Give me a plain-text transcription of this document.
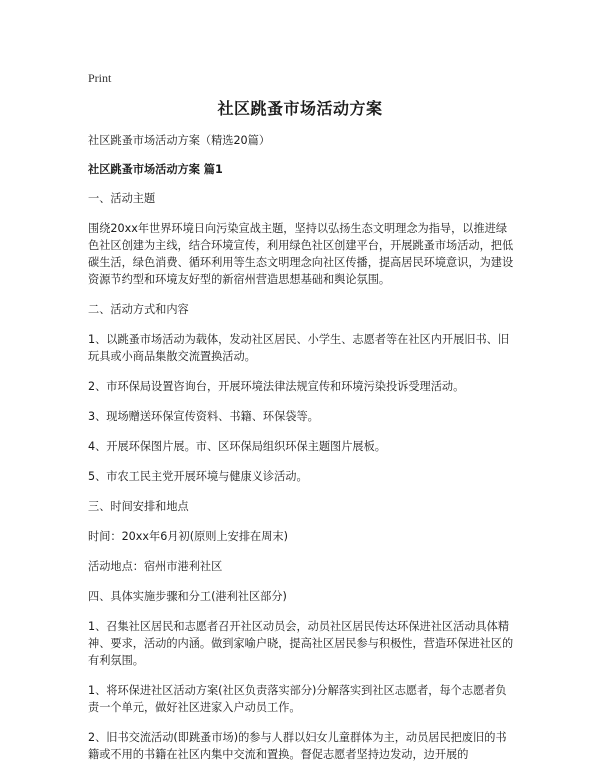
Print
社区跳蚤市场活动方案

社区跳蚤市场活动方案（精选20篇）

社区跳蚤市场活动方案 篇1

一、活动主题

围绕20xx年世界环境日向污染宣战主题，坚持以弘扬生态文明理念为指导，以推进绿色社区创建为主线，结合环境宣传，利用绿色社区创建平台，开展跳蚤市场活动，把低碳生活，绿色消费、循环利用等生态文明理念向社区传播，提高居民环境意识，为建设资源节约型和环境友好型的新宿州营造思想基础和舆论氛围。

二、活动方式和内容

1、以跳蚤市场活动为载体，发动社区居民、小学生、志愿者等在社区内开展旧书、旧玩具或小商品集散交流置换活动。

2、市环保局设置咨询台，开展环境法律法规宣传和环境污染投诉受理活动。

3、现场赠送环保宣传资料、书籍、环保袋等。

4、开展环保图片展。市、区环保局组织环保主题图片展板。

5、市农工民主党开展环境与健康义诊活动。

三、时间安排和地点

时间：20xx年6月初(原则上安排在周末)

活动地点：宿州市港利社区

四、具体实施步骤和分工(港利社区部分)

1、召集社区居民和志愿者召开社区动员会，动员社区居民传达环保进社区活动具体精神、要求，活动的内涵。做到家喻户晓，提高社区居民参与积极性，营造环保进社区的有利氛围。

1、将环保进社区活动方案(社区负责落实部分)分解落实到社区志愿者，每个志愿者负责一个单元，做好社区进家入户动员工作。

2、旧书交流活动(即跳蚤市场)的参与人群以妇女儿童群体为主，动员居民把废旧的书籍或不用的书籍在社区内集中交流和置换。督促志愿者坚持边发动，边开展的
